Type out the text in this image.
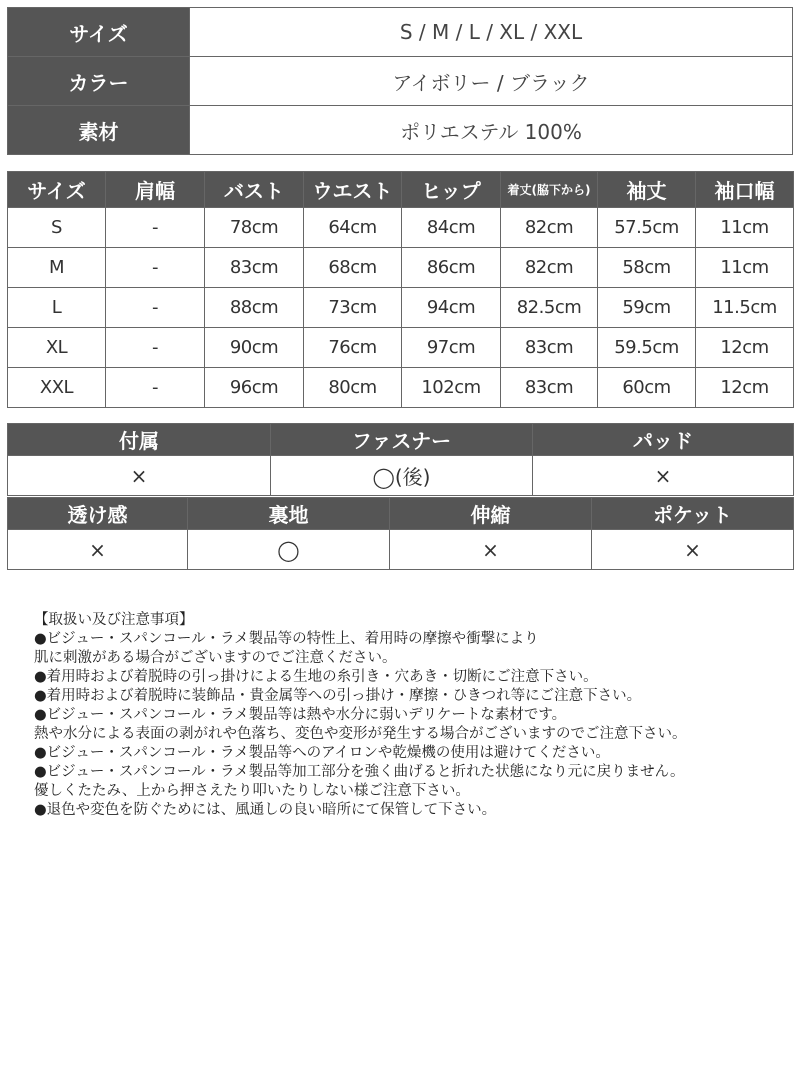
サイズ	S / M / L / XL / XXL
カラー	アイボリー / ブラック
素材	ポリエステル 100%
サイズ	肩幅	バスト	ウエスト	ヒップ	着丈(脇下から)	袖丈	袖口幅
S	-	78cm	64cm	84cm	82cm	57.5cm	11cm
M	-	83cm	68cm	86cm	82cm	58cm	11cm
L	-	88cm	73cm	94cm	82.5cm	59cm	11.5cm
XL	-	90cm	76cm	97cm	83cm	59.5cm	12cm
XXL	-	96cm	80cm	102cm	83cm	60cm	12cm
付属	ファスナー	パッド
×	◯(後)	×
透け感	裏地	伸縮	ポケット
×	◯	×	×
【取扱い及び注意事項】
●ビジュー・スパンコール・ラメ製品等の特性上、着用時の摩擦や衝撃により
肌に刺激がある場合がございますのでご注意ください。
●着用時および着脱時の引っ掛けによる生地の糸引き・穴あき・切断にご注意下さい。
●着用時および着脱時に装飾品・貴金属等への引っ掛け・摩擦・ひきつれ等にご注意下さい。
●ビジュー・スパンコール・ラメ製品等は熱や水分に弱いデリケートな素材です。
熱や水分による表面の剥がれや色落ち、変色や変形が発生する場合がございますのでご注意下さい。
●ビジュー・スパンコール・ラメ製品等へのアイロンや乾燥機の使用は避けてください。
●ビジュー・スパンコール・ラメ製品等加工部分を強く曲げると折れた状態になり元に戻りません。
優しくたたみ、上から押さえたり叩いたりしない様ご注意下さい。
●退色や変色を防ぐためには、風通しの良い暗所にて保管して下さい。
